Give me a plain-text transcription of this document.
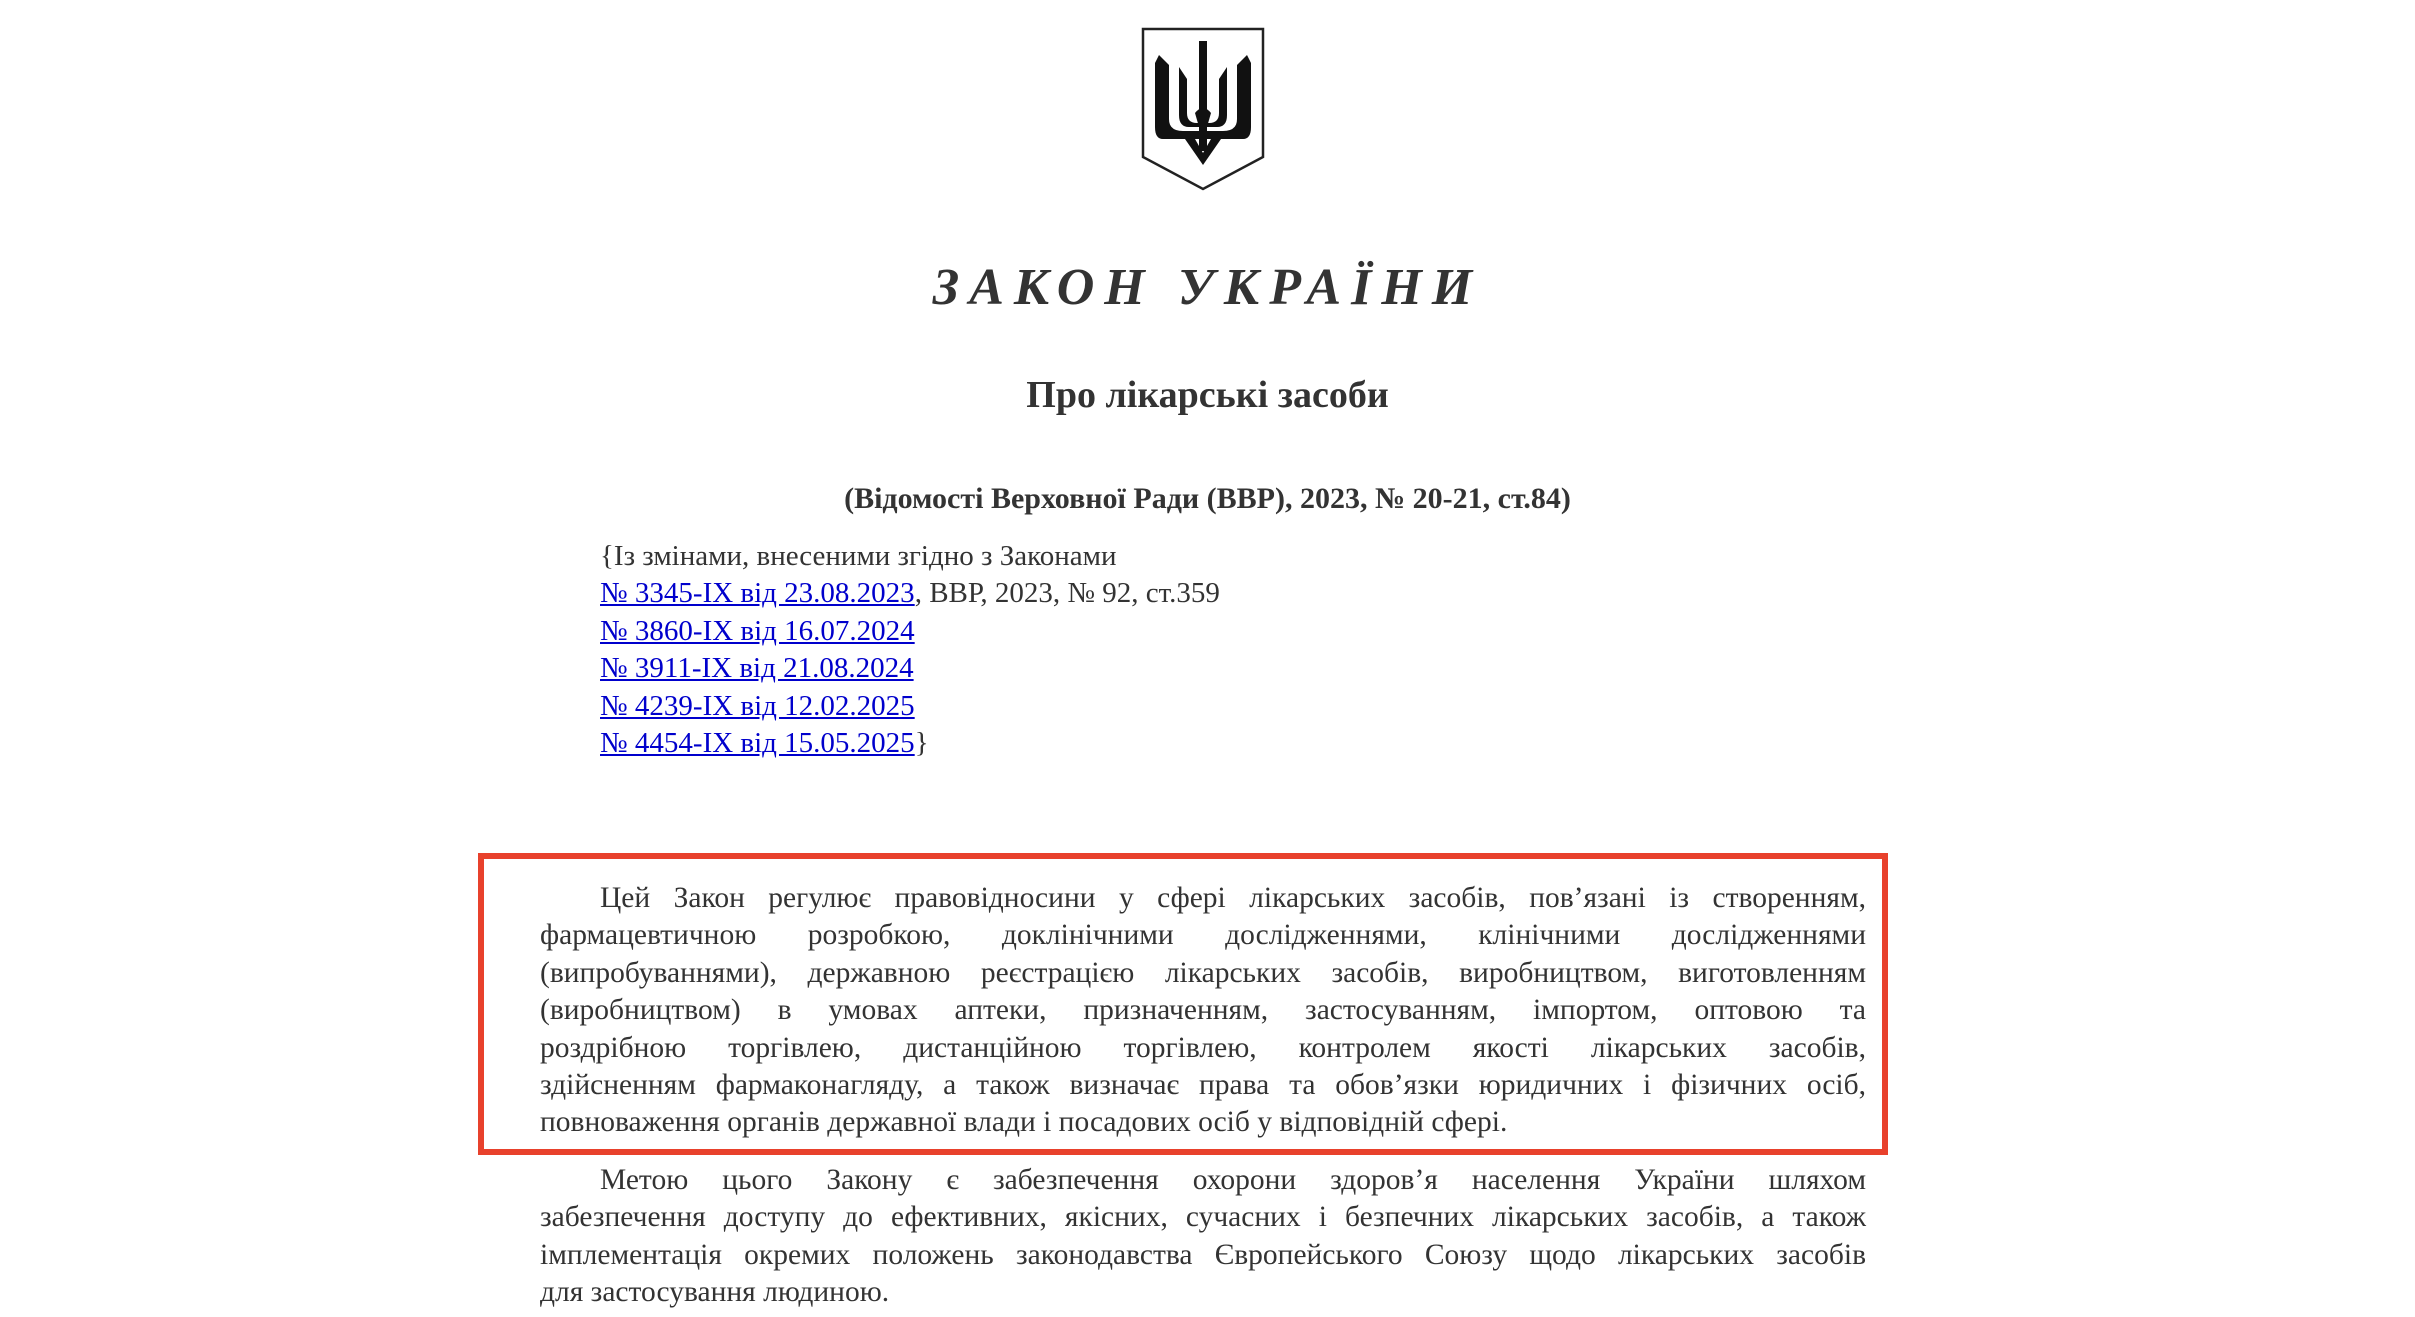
ЗАКОН УКРАЇНИ
Про лікарські засоби
(Відомості Верховної Ради (ВВР), 2023, № 20-21, ст.84)
{Із змінами, внесеними згідно з Законами
№ 3345-IX від 23.08.2023, ВВР, 2023, № 92, ст.359
№ 3860-IX від 16.07.2024
№ 3911-IX від 21.08.2024
№ 4239-IX від 12.02.2025
№ 4454-IX від 15.05.2025}
Цей Закон регулює правовідносини у сфері лікарських засобів, пов’язані із створенням,
фармацевтичною розробкою, доклінічними дослідженнями, клінічними дослідженнями
(випробуваннями), державною реєстрацією лікарських засобів, виробництвом, виготовленням
(виробництвом) в умовах аптеки, призначенням, застосуванням, імпортом, оптовою та
роздрібною торгівлею, дистанційною торгівлею, контролем якості лікарських засобів,
здійсненням фармаконагляду, а також визначає права та обов’язки юридичних і фізичних осіб,
повноваження органів державної влади і посадових осіб у відповідній сфері.
Метою цього Закону є забезпечення охорони здоров’я населення України шляхом
забезпечення доступу до ефективних, якісних, сучасних і безпечних лікарських засобів, а також
імплементація окремих положень законодавства Європейського Союзу щодо лікарських засобів
для застосування людиною.
